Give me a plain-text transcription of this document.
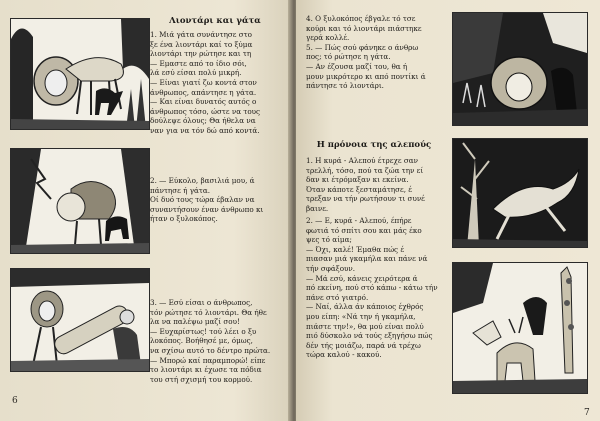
Λιοντάρι και γάτα

1. Μιά γάτα συνάντησε στο

ξε ένα λιοντάρι καί το ξύμα

λιοντάρι την ρώτησε και τη

— Εμαστε από το ίδιο σόι,

λά εσύ είσαι πολύ μικρή.

— Είναι γιατί ζω κοντά στον

άνθρωπος, απάντησε η γάτα.

— Και είναι δυνατός αυτός ο

άνθρωπος τόσο, ώστε να τους

δούλεψε όλους; Θα ήθελα να

ναν για να τόν δώ από κοντά.

2. — Εύκολο, βασιλιά μου, ά

πάντησε ή γάτα.

Οί δυό τους τώρα έβαλαν να

συναντήσουν έναν άνθρωπο κι

ήταν ο ξυλοκόπος.

3. — Εσύ είσαι ο άνθρωπος,

τόν ρώτησε τό λιοντάρι. Θα ήθε

λα να παλέψω μαζί σου!

— Ευχαρίστως! τού λέει ο ξυ

λοκόπος. Βοήθησέ με, όμως,

να σχίσω αυτό το δέντρο πρώτα.

— Μπορώ καί παραμπορώ! είπε

το λιοντάρι κι έχωσε τα πόδια

του στή σχισμή του κορμού.

6

4. Ο ξυλοκόπος έβγαλε τό τσε

κούρι και τό λιοντάρι πιάστηκε

γερά κολλέ.

5. — Πώς σού φάνηκε ο άνθρω

πος; τό ρώτησε η γάτα.

— Αν έζουσα μαζί του, θα ή

μουν μικρότερο κι από ποντίκι ά

πάντησε τό λιοντάρι.

Η πρόνοια της αλεπούς

1. Η κυρά - Αλεπού έτρεχε σαν

τρελλή, τόσο, πού τα ζώα την εί

δαν κι έτρόμαξαν κι εκείνα.

Όταν κάποτε ξεσταμάτησε, έ

τρεξαν να τήν ρωτήσουν τι συνέ

βαινε.

2. — Ε, κυρά - Αλεπού, έπήρε

φωτιά τό σπίτι σου και μάς έκο

ψες τό αίμα;

— Όχι, καλέ! Έμαθα πώς έ

πιασαν μιά γκαμήλα και πάνε νά

τήν σφάξουν.

— Μά εσύ, κάνεις χειρότερα ά

πό εκείνη, πού στό κάπω - κάτω τήν

πάνε στό γιατρό.

— Ναί, άλλα άν κάποιος έχθρός

μου είπη: «Νά την ή γκαμήλα,

πιάστε την!», θα μού είναι πολύ

πιό δύσκολο νά τούς εξηγήσω πώς

δέν τής μοιάζω, παρά νά τρέχω

τώρα καλού - κακού.

7
